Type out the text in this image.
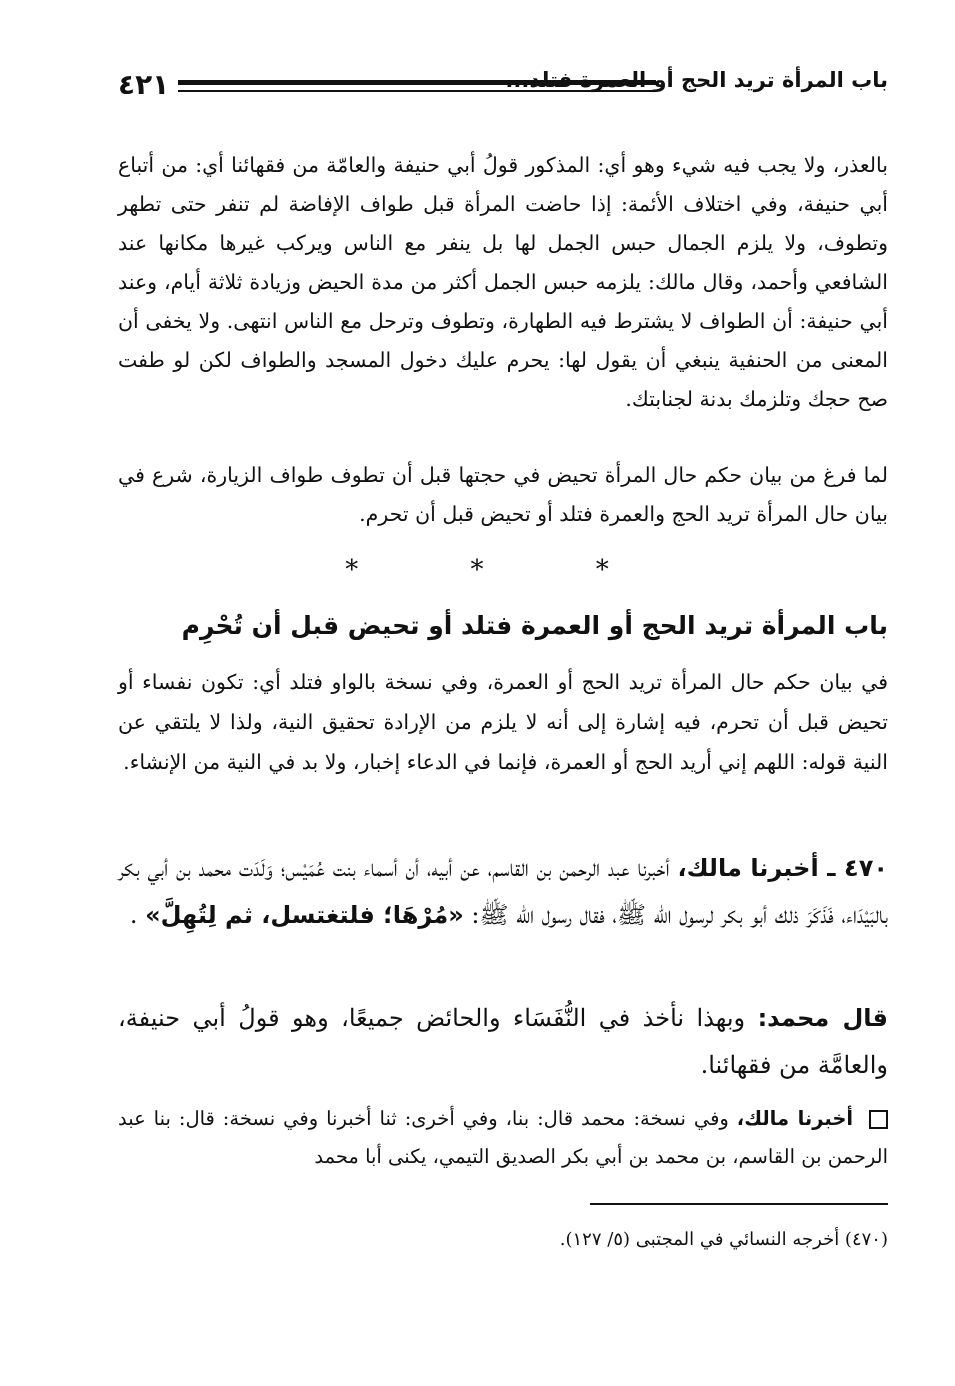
٤٢١	باب المرأة تريد الحج أو العمرة فتلد...

بالعذر، ولا يجب فيه شيء وهو أي: المذكور قولُ أبي حنيفة والعامّة من فقهائنا أي: من أتباع أبي حنيفة، وفي اختلاف الأئمة: إذا حاضت المرأة قبل طواف الإفاضة لم تنفر حتى تطهر وتطوف، ولا يلزم الجمال حبس الجمل لها بل ينفر مع الناس ويركب غيرها مكانها عند الشافعي وأحمد، وقال مالك: يلزمه حبس الجمل أكثر من مدة الحيض وزيادة ثلاثة أيام، وعند أبي حنيفة: أن الطواف لا يشترط فيه الطهارة، وتطوف وترحل مع الناس انتهى. ولا يخفى أن المعنى من الحنفية ينبغي أن يقول لها: يحرم عليك دخول المسجد والطواف لكن لو طفت صح حجك وتلزمك بدنة لجنابتك.

لما فرغ من بيان حكم حال المرأة تحيض في حجتها قبل أن تطوف طواف الزيارة، شرع في بيان حال المرأة تريد الحج والعمرة فتلد أو تحيض قبل أن تحرم.

* * *
باب المرأة تريد الحج أو العمرة فتلد أو تحيض قبل أن تُحْرِم

في بيان حكم حال المرأة تريد الحج أو العمرة، وفي نسخة بالواو فتلد أي: تكون نفساء أو تحيض قبل أن تحرم، فيه إشارة إلى أنه لا يلزم من الإرادة تحقيق النية، ولذا لا يلتقي عن النية قوله: اللهم إني أريد الحج أو العمرة، فإنما في الدعاء إخبار، ولا بد في النية من الإنشاء.

٤٧٠ ـ أخبرنا مالك، أخبرنا عبد الرحمن بن القاسم، عن أبيه، أن أسماء بنت عُمَيْس؛ وَلَدَت محمد بن أبي بكر بالبَيْدَاء، فَذَكَرَ ذلك أبو بكر لرسول الله ﷺ، فقال رسول الله ﷺ: «مُرْهَا؛ فلتغتسل، ثم لِتُهِلَّ» .

قال محمد: وبهذا نأخذ في النُّفَسَاء والحائض جميعًا، وهو قولُ أبي حنيفة، والعامَّة من فقهائنا.

أخبرنا مالك، وفي نسخة: محمد قال: بنا، وفي أخرى: ثنا أخبرنا وفي نسخة: قال: بنا عبد الرحمن بن القاسم، بن محمد بن أبي بكر الصديق التيمي، يكنى أبا محمد

(٤٧٠) أخرجه النسائي في المجتبى (٥/ ١٢٧).
